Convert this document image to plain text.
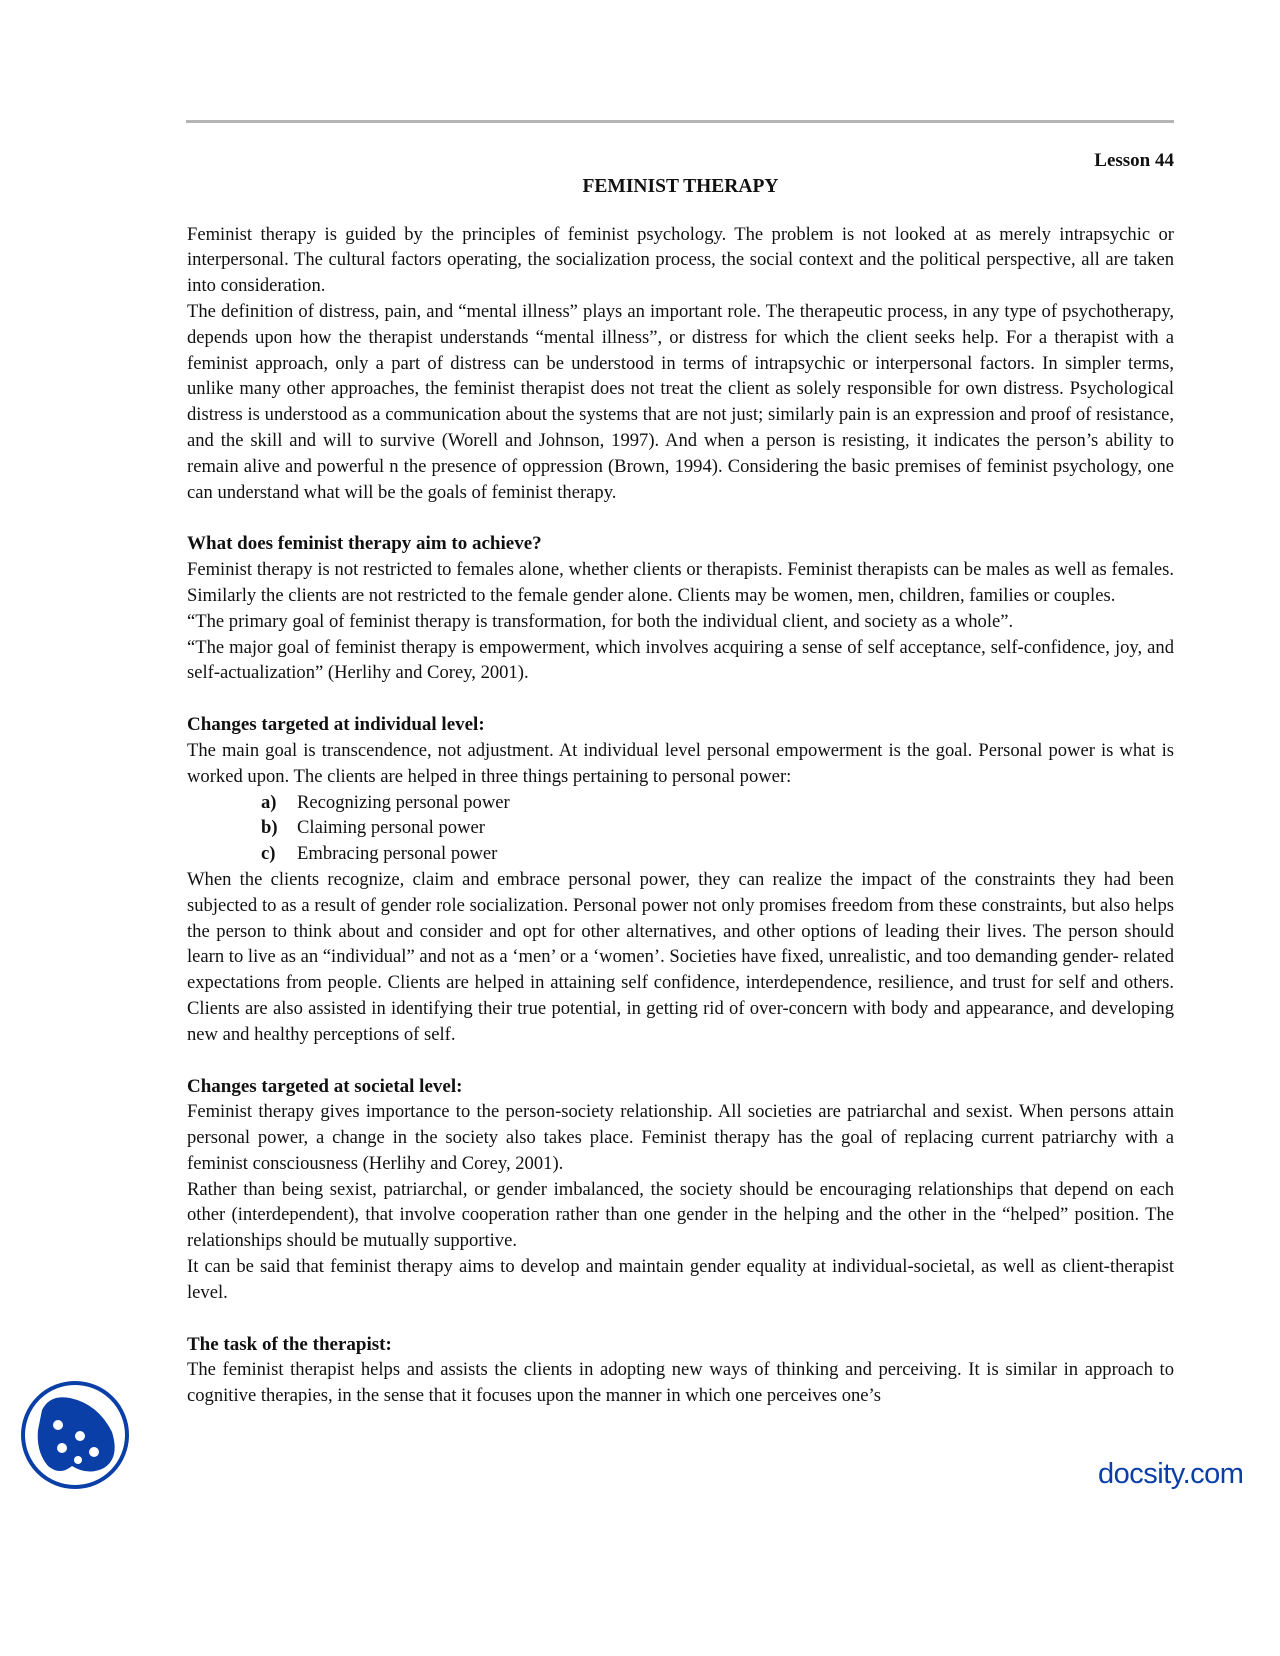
Lesson 44
FEMINIST THERAPY

Feminist therapy is guided by the principles of feminist psychology. The problem is not looked at as merely intrapsychic or interpersonal. The cultural factors operating, the socialization process, the social context and the political perspective, all are taken into consideration.

The definition of distress, pain, and “mental illness” plays an important role. The therapeutic process, in any type of psychotherapy, depends upon how the therapist understands “mental illness”, or distress for which the client seeks help. For a therapist with a feminist approach, only a part of distress can be understood in terms of intrapsychic or interpersonal factors. In simpler terms, unlike many other approaches, the feminist therapist does not treat the client as solely responsible for own distress. Psychological distress is understood as a communication about the systems that are not just; similarly pain is an expression and proof of resistance, and the skill and will to survive (Worell and Johnson, 1997). And when a person is resisting, it indicates the person’s ability to remain alive and powerful n the presence of oppression (Brown, 1994). Considering the basic premises of feminist psychology, one can understand what will be the goals of feminist therapy.

What does feminist therapy aim to achieve?

Feminist therapy is not restricted to females alone, whether clients or therapists. Feminist therapists can be males as well as females. Similarly the clients are not restricted to the female gender alone. Clients may be women, men, children, families or couples.

“The primary goal of feminist therapy is transformation, for both the individual client, and society as a whole”.

“The major goal of feminist therapy is empowerment, which involves acquiring a sense of self acceptance, self-confidence, joy, and self-actualization” (Herlihy and Corey, 2001).

Changes targeted at individual level:

The main goal is transcendence, not adjustment. At individual level personal empowerment is the goal. Personal power is what is worked upon. The clients are helped in three things pertaining to personal power:

a) Recognizing personal power
b) Claiming personal power
c) Embracing personal power

When the clients recognize, claim and embrace personal power, they can realize the impact of the constraints they had been subjected to as a result of gender role socialization. Personal power not only promises freedom from these constraints, but also helps the person to think about and consider and opt for other alternatives, and other options of leading their lives. The person should learn to live as an “individual” and not as a ‘men’ or a ‘women’. Societies have fixed, unrealistic, and too demanding gender- related expectations from people. Clients are helped in attaining self confidence, interdependence, resilience, and trust for self and others. Clients are also assisted in identifying their true potential, in getting rid of over-concern with body and appearance, and developing new and healthy perceptions of self.

Changes targeted at societal level:

Feminist therapy gives importance to the person-society relationship. All societies are patriarchal and sexist. When persons attain personal power, a change in the society also takes place. Feminist therapy has the goal of replacing current patriarchy with a feminist consciousness (Herlihy and Corey, 2001).

Rather than being sexist, patriarchal, or gender imbalanced, the society should be encouraging relationships that depend on each other (interdependent), that involve cooperation rather than one gender in the helping and the other in the “helped” position. The relationships should be mutually supportive.

It can be said that feminist therapy aims to develop and maintain gender equality at individual-societal, as well as client-therapist level.

The task of the therapist:

The feminist therapist helps and assists the clients in adopting new ways of thinking and perceiving. It is similar in approach to cognitive therapies, in the sense that it focuses upon the manner in which one perceives one’s

docsity.com
